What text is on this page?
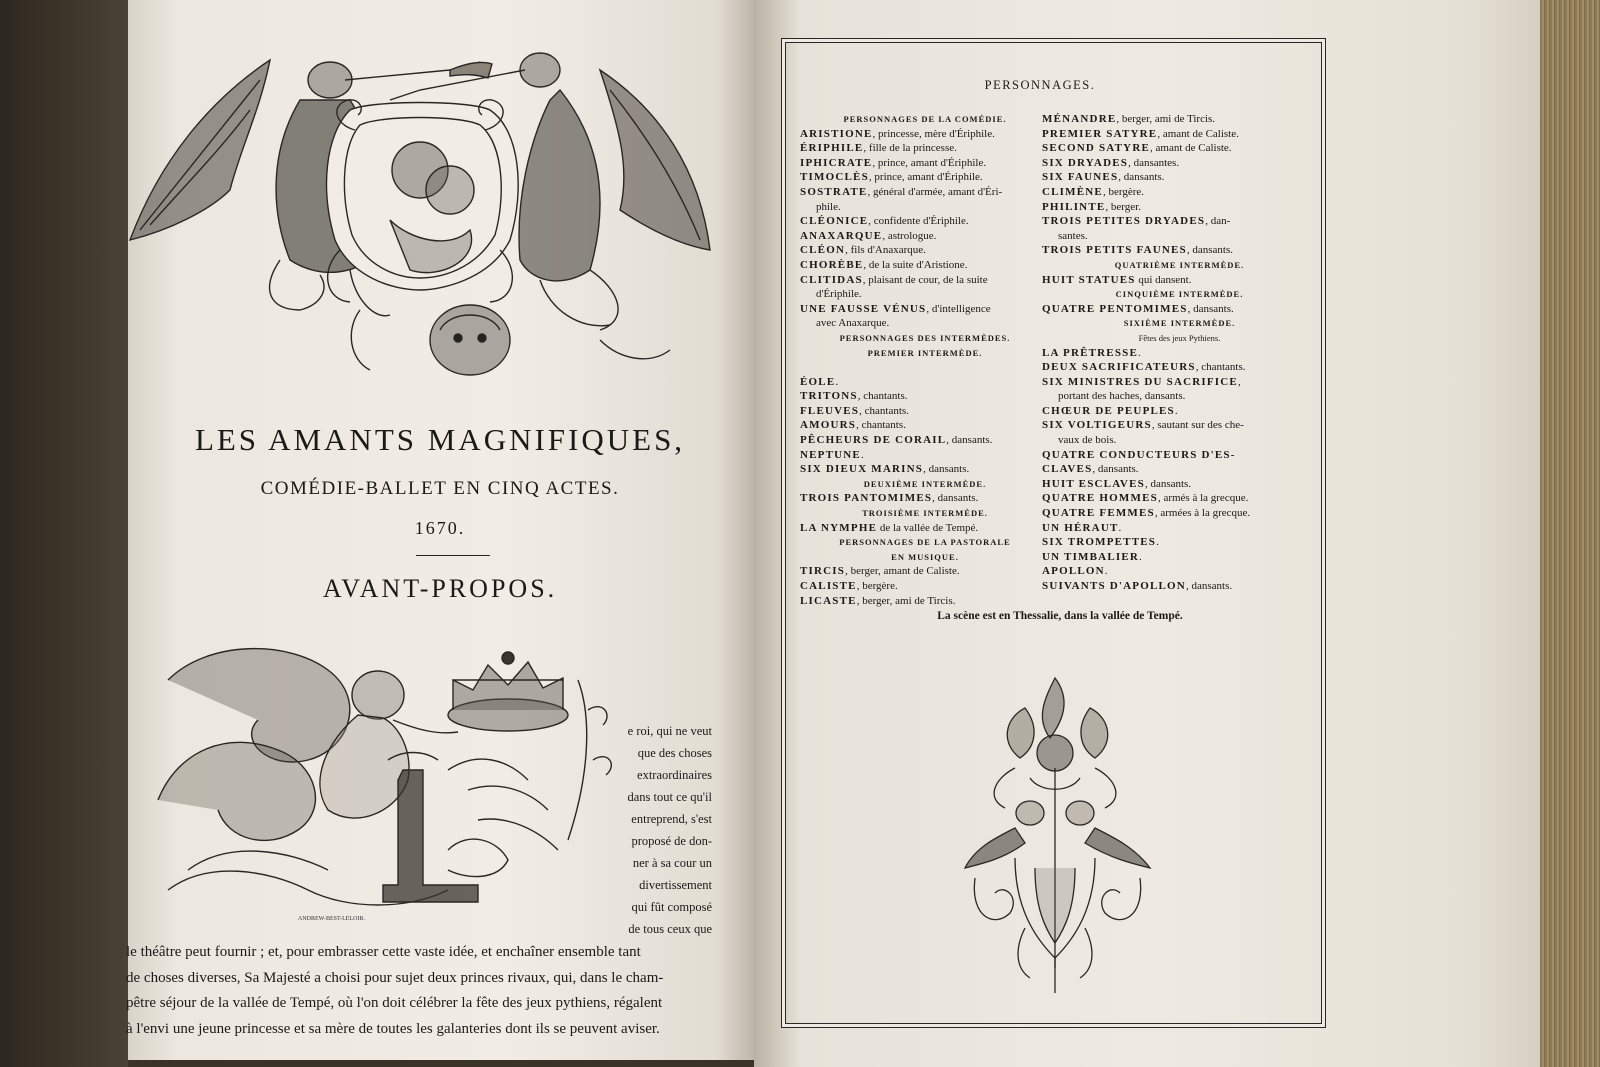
LES AMANTS MAGNIFIQUES,
COMÉDIE-BALLET EN CINQ ACTES.
1670.
AVANT-PROPOS.
ANDREW-BEST-LELOIR.
e roi, qui ne veut
que des choses
extraordinaires
dans tout ce qu'il
entreprend, s'est
proposé de don-
ner à sa cour un
divertissement
qui fût composé
de tous ceux que
le théâtre peut fournir ; et, pour embrasser cette vaste idée, et enchaîner ensemble tant
de choses diverses, Sa Majesté a choisi pour sujet deux princes rivaux, qui, dans le cham-
pêtre séjour de la vallée de Tempé, où l'on doit célébrer la fête des jeux pythiens, régalent
à l'envi une jeune princesse et sa mère de toutes les galanteries dont ils se peuvent aviser.
PERSONNAGES.
PERSONNAGES DE LA COMÉDIE.
ARISTIONE, princesse, mère d'Ériphile.
ÉRIPHILE, fille de la princesse.
IPHICRATE, prince, amant d'Ériphile.
TIMOCLÈS, prince, amant d'Ériphile.
SOSTRATE, général d'armée, amant d'Éri-
phile.
CLÉONICE, confidente d'Ériphile.
ANAXARQUE, astrologue.
CLÉON, fils d'Anaxarque.
CHORÈBE, de la suite d'Aristione.
CLITIDAS, plaisant de cour, de la suite
d'Ériphile.
UNE FAUSSE VÉNUS, d'intelligence
avec Anaxarque.
PERSONNAGES DES INTERMÈDES.
PREMIER INTERMÈDE.

ÉOLE.
TRITONS, chantants.
FLEUVES, chantants.
AMOURS, chantants.
PÊCHEURS DE CORAIL, dansants.
NEPTUNE.
SIX DIEUX MARINS, dansants.
DEUXIÈME INTERMÈDE.
TROIS PANTOMIMES, dansants.
TROISIÈME INTERMÈDE.
LA NYMPHE de la vallée de Tempé.
PERSONNAGES DE LA PASTORALE
EN MUSIQUE.
TIRCIS, berger, amant de Caliste.
CALISTE, bergère.
LICASTE, berger, ami de Tircis.
MÉNANDRE, berger, ami de Tircis.
PREMIER SATYRE, amant de Caliste.
SECOND SATYRE, amant de Caliste.
SIX DRYADES, dansantes.
SIX FAUNES, dansants.
CLIMÈNE, bergère.
PHILINTE, berger.
TROIS PETITES DRYADES, dan-
santes.
TROIS PETITS FAUNES, dansants.
QUATRIÈME INTERMÈDE.
HUIT STATUES qui dansent.
CINQUIÈME INTERMÈDE.
QUATRE PENTOMIMES, dansants.
SIXIÈME INTERMÈDE.
Fêtes des jeux Pythiens.
LA PRÊTRESSE.
DEUX SACRIFICATEURS, chantants.
SIX MINISTRES DU SACRIFICE,
portant des haches, dansants.
CHŒUR DE PEUPLES.
SIX VOLTIGEURS, sautant sur des che-
vaux de bois.
QUATRE CONDUCTEURS D'ES-
CLAVES, dansants.
HUIT ESCLAVES, dansants.
QUATRE HOMMES, armés à la grecque.
QUATRE FEMMES, armées à la grecque.
UN HÉRAUT.
SIX TROMPETTES.
UN TIMBALIER.
APOLLON.
SUIVANTS D'APOLLON, dansants.
La scène est en Thessalie, dans la vallée de Tempé.
